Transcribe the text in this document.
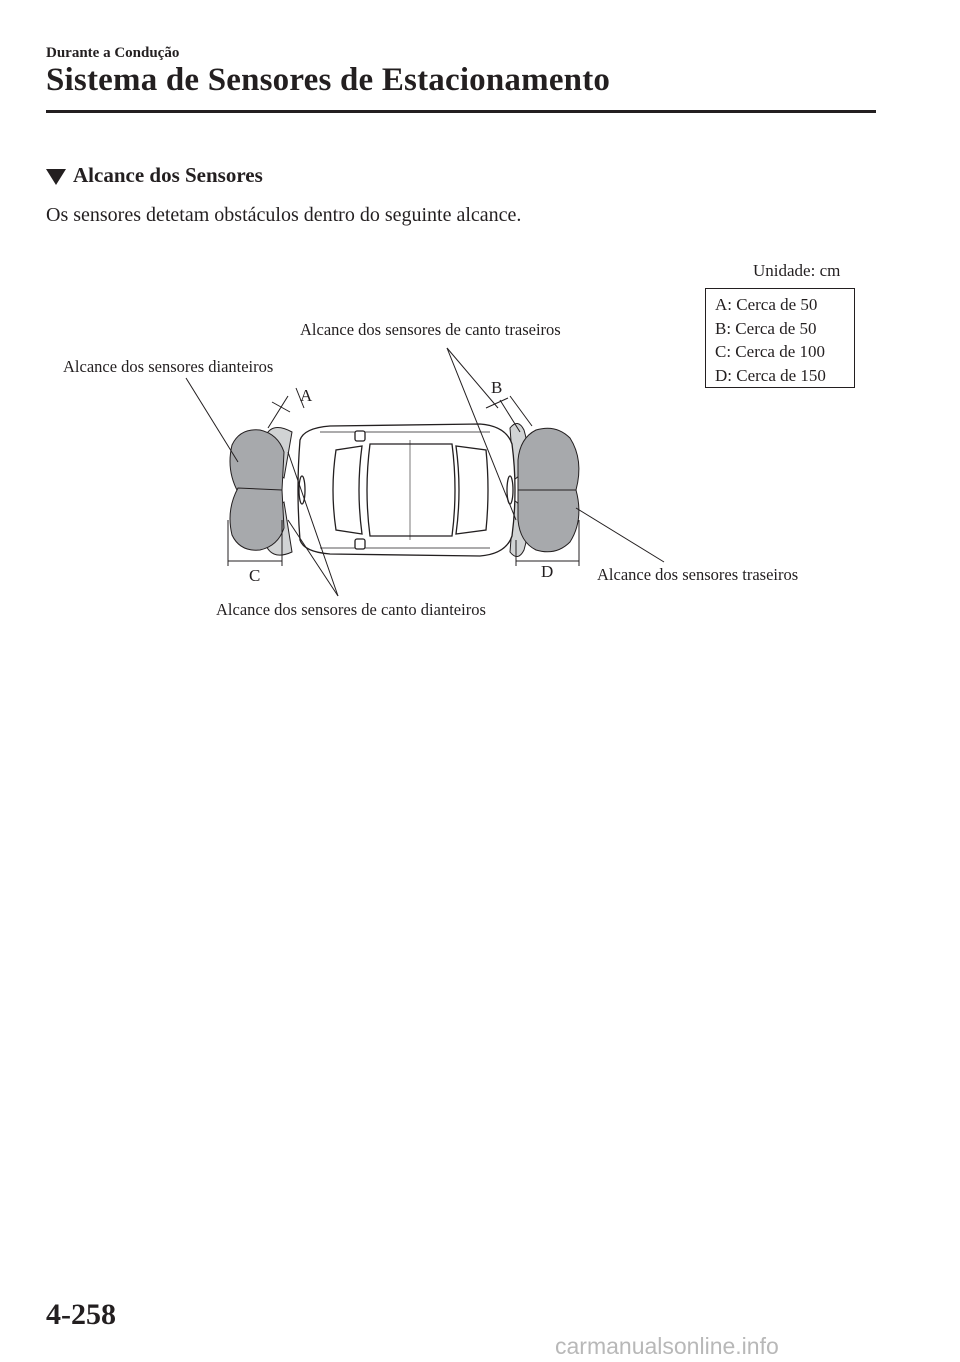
Durante a Condução
Sistema de Sensores de Estacionamento
Alcance dos Sensores
Os sensores detetam obstáculos dentro do seguinte alcance.
Unidade: cm
A: Cerca de 50
B: Cerca de 50
C: Cerca de 100
D: Cerca de 150
Alcance dos sensores dianteiros
Alcance dos sensores de canto traseiros
Alcance dos sensores de canto dianteiros
Alcance dos sensores traseiros
A	B
C	D
4-258
carmanualsonline.info
